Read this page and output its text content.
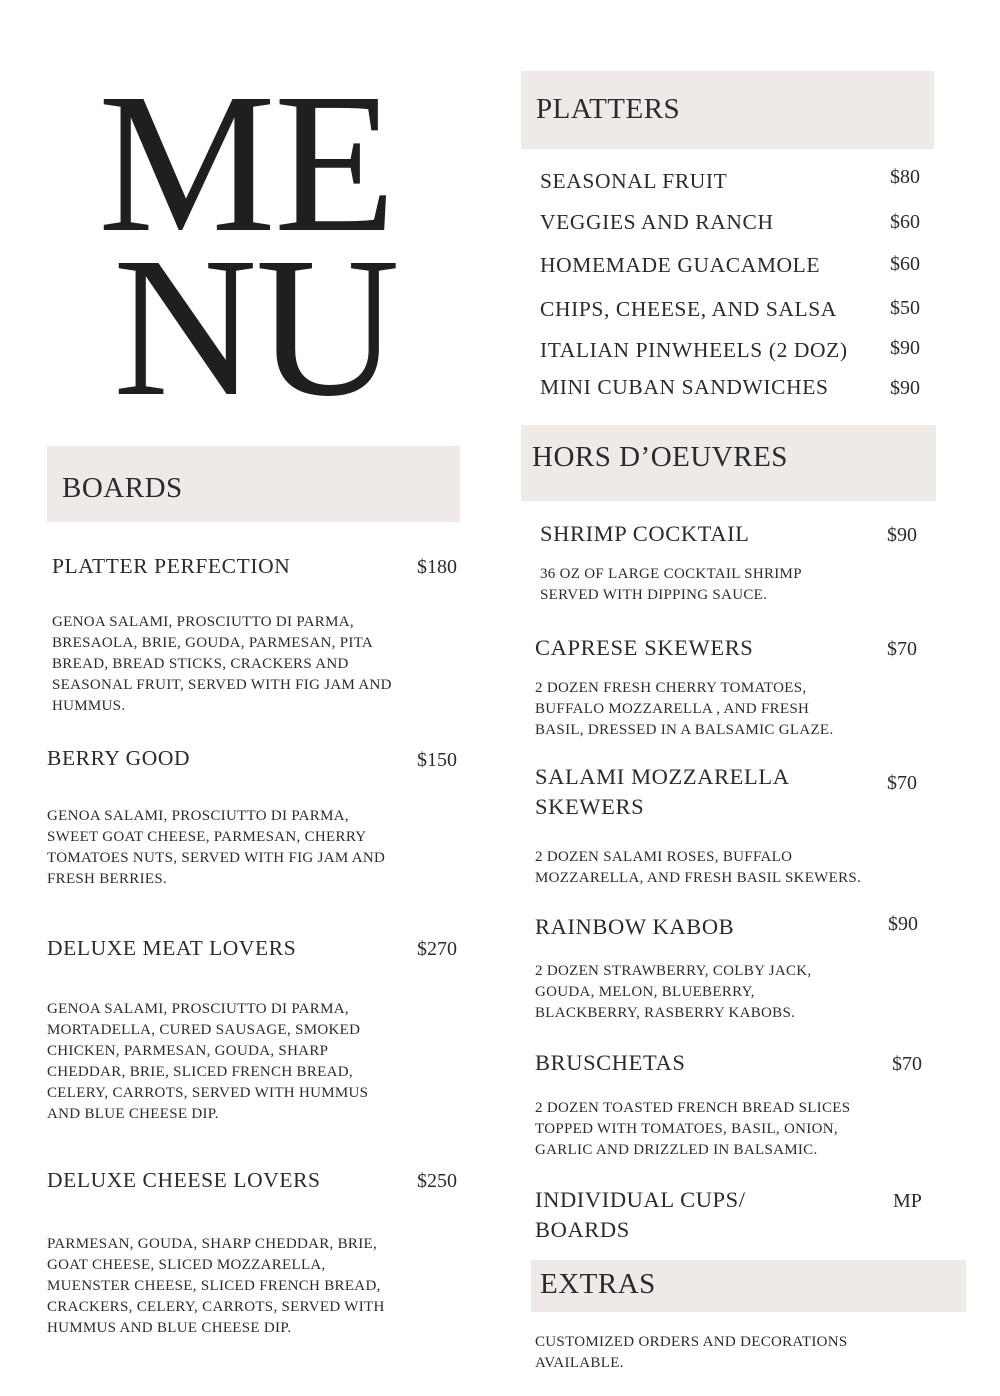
ME
NU
BOARDS
PLATTER PERFECTION	$180
GENOA SALAMI, PROSCIUTTO DI PARMA, BRESAOLA, BRIE, GOUDA, PARMESAN, PITA BREAD, BREAD STICKS, CRACKERS AND SEASONAL FRUIT, SERVED WITH FIG JAM AND HUMMUS.
BERRY GOOD	$150
GENOA SALAMI, PROSCIUTTO DI PARMA, SWEET GOAT CHEESE, PARMESAN, CHERRY TOMATOES NUTS, SERVED WITH FIG JAM AND FRESH BERRIES.
DELUXE MEAT LOVERS	$270
GENOA SALAMI, PROSCIUTTO DI PARMA, MORTADELLA, CURED SAUSAGE, SMOKED CHICKEN, PARMESAN, GOUDA, SHARP CHEDDAR, BRIE, SLICED FRENCH BREAD, CELERY, CARROTS, SERVED WITH HUMMUS AND BLUE CHEESE DIP.
DELUXE CHEESE LOVERS	$250
PARMESAN, GOUDA, SHARP CHEDDAR, BRIE, GOAT CHEESE, SLICED MOZZARELLA, MUENSTER CHEESE, SLICED FRENCH BREAD, CRACKERS, CELERY, CARROTS, SERVED WITH HUMMUS AND BLUE CHEESE DIP.
PLATTERS
SEASONAL FRUIT	$80
VEGGIES AND RANCH	$60
HOMEMADE GUACAMOLE	$60
CHIPS, CHEESE, AND SALSA	$50
ITALIAN PINWHEELS (2 DOZ) $90
MINI CUBAN SANDWICHES	$90
HORS D’OEUVRES
SHRIMP COCKTAIL	$90
36 OZ OF LARGE COCKTAIL SHRIMP SERVED WITH DIPPING SAUCE.
CAPRESE SKEWERS	$70
2 DOZEN FRESH CHERRY TOMATOES, BUFFALO MOZZARELLA , AND FRESH BASIL, DRESSED IN A BALSAMIC GLAZE.
SALAMI MOZZARELLA SKEWERS
$70
2 DOZEN SALAMI ROSES, BUFFALO MOZZARELLA, AND FRESH BASIL SKEWERS.
RAINBOW KABOB	$90
2 DOZEN STRAWBERRY, COLBY JACK, GOUDA, MELON, BLUEBERRY, BLACKBERRY, RASBERRY KABOBS.
BRUSCHETAS	$70
2 DOZEN TOASTED FRENCH BREAD SLICES TOPPED WITH TOMATOES, BASIL, ONION, GARLIC AND DRIZZLED IN BALSAMIC.
INDIVIDUAL CUPS/ BOARDS
MP
EXTRAS
CUSTOMIZED ORDERS AND DECORATIONS AVAILABLE.
